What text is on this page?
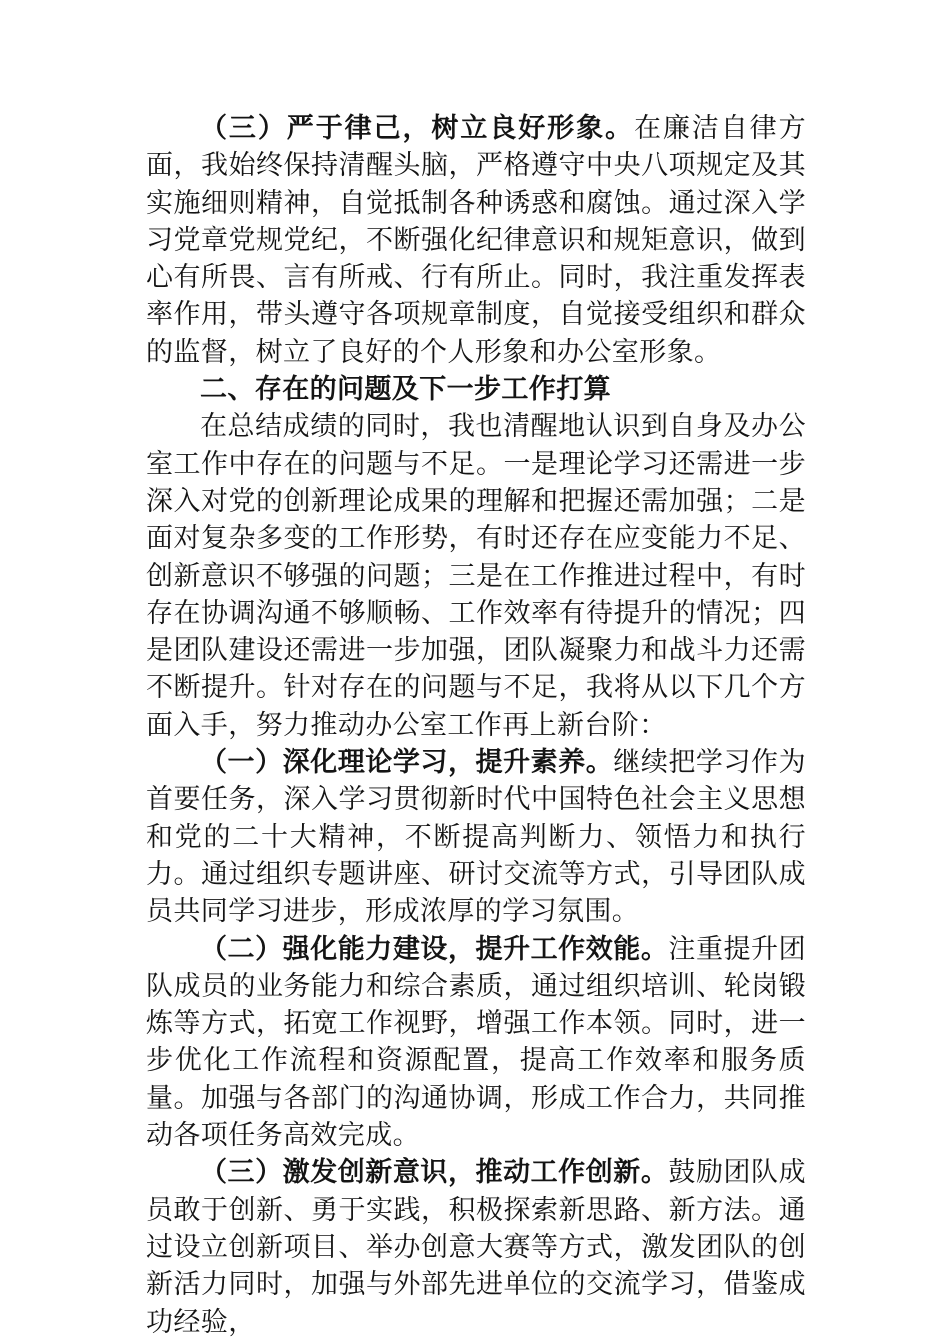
（三）严于律己，树立良好形象。在廉洁自律方面，我始终保持清醒头脑，严格遵守中央八项规定及其实施细则精神，自觉抵制各种诱惑和腐蚀。通过深入学习党章党规党纪，不断强化纪律意识和规矩意识，做到心有所畏、言有所戒、行有所止。同时，我注重发挥表率作用，带头遵守各项规章制度，自觉接受组织和群众的监督，树立了良好的个人形象和办公室形象。

二、存在的问题及下一步工作打算

在总结成绩的同时，我也清醒地认识到自身及办公室工作中存在的问题与不足。一是理论学习还需进一步深入对党的创新理论成果的理解和把握还需加强；二是面对复杂多变的工作形势，有时还存在应变能力不足、创新意识不够强的问题；三是在工作推进过程中，有时存在协调沟通不够顺畅、工作效率有待提升的情况；四是团队建设还需进一步加强，团队凝聚力和战斗力还需不断提升。针对存在的问题与不足，我将从以下几个方面入手，努力推动办公室工作再上新台阶：

（一）深化理论学习，提升素养。继续把学习作为首要任务，深入学习贯彻新时代中国特色社会主义思想和党的二十大精神，不断提高判断力、领悟力和执行力。通过组织专题讲座、研讨交流等方式，引导团队成员共同学习进步，形成浓厚的学习氛围。

（二）强化能力建设，提升工作效能。注重提升团队成员的业务能力和综合素质，通过组织培训、轮岗锻炼等方式，拓宽工作视野，增强工作本领。同时，进一步优化工作流程和资源配置，提高工作效率和服务质量。加强与各部门的沟通协调，形成工作合力，共同推动各项任务高效完成。

（三）激发创新意识，推动工作创新。鼓励团队成员敢于创新、勇于实践，积极探索新思路、新方法。通过设立创新项目、举办创意大赛等方式，激发团队的创新活力同时，加强与外部先进单位的交流学习，借鉴成功经验，
